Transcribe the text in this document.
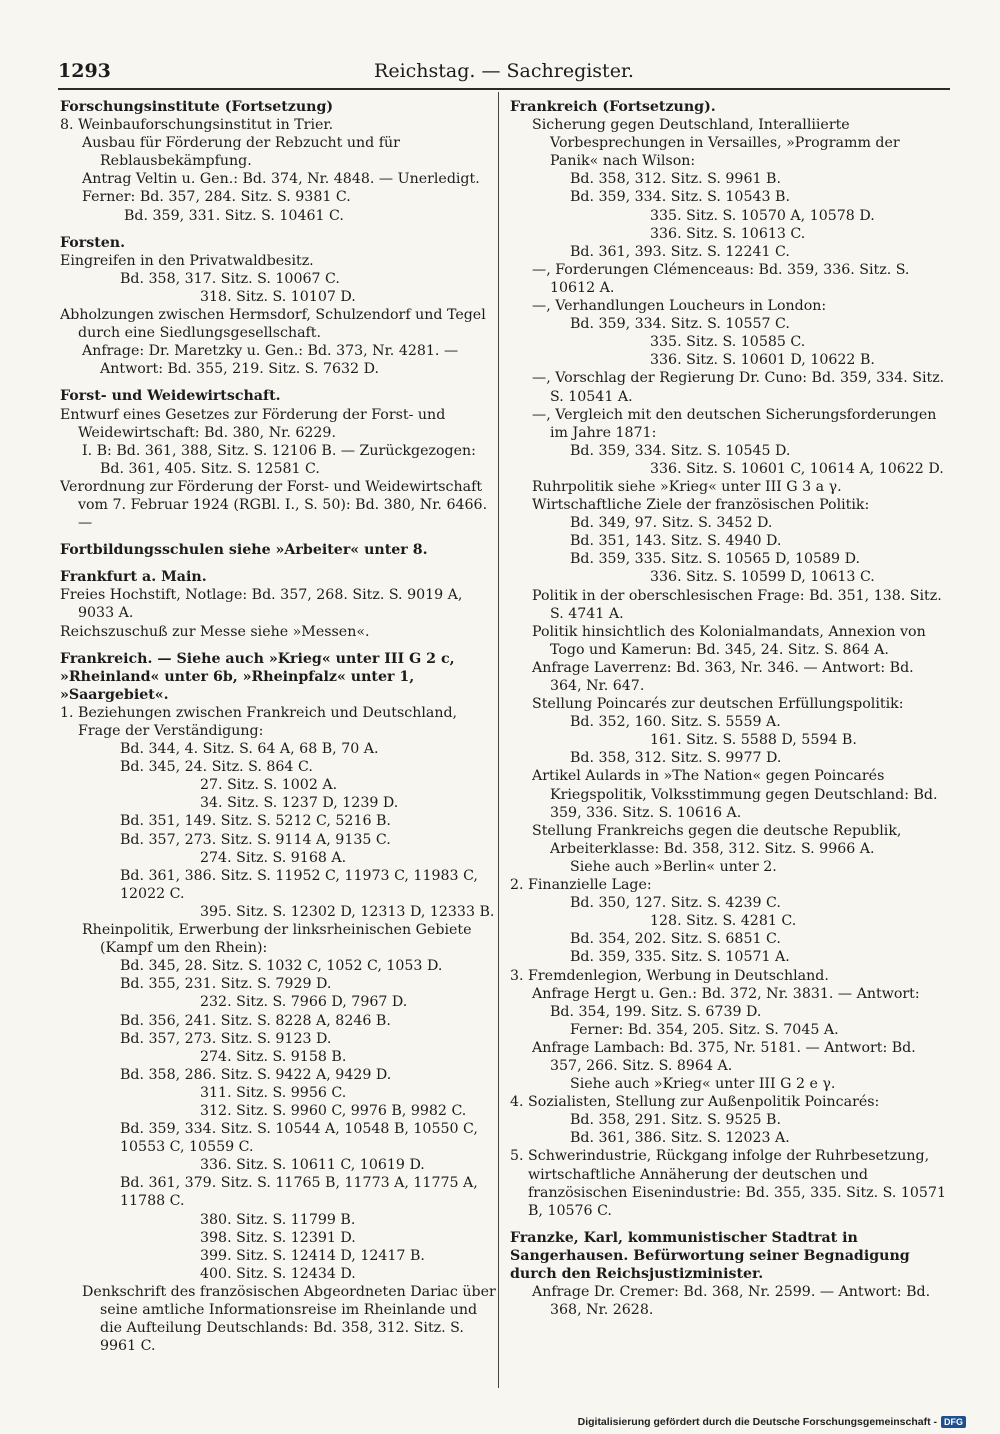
1293	Reichstag. — Sachregister.

Forschungsinstitute (Fortsetzung)

8. Weinbauforschungsinstitut in Trier.

Ausbau für Förderung der Rebzucht und für Reblausbekämpfung.

Antrag Veltin u. Gen.: Bd. 374, Nr. 4848. — Unerledigt.

Ferner: Bd. 357, 284. Sitz. S. 9381 C.

Bd. 359, 331. Sitz. S. 10461 C.

Forsten.

Eingreifen in den Privatwaldbesitz.

Bd. 358, 317. Sitz. S. 10067 C.

318. Sitz. S. 10107 D.

Abholzungen zwischen Hermsdorf, Schulzendorf und Tegel durch eine Siedlungsgesellschaft.

Anfrage: Dr. Maretzky u. Gen.: Bd. 373, Nr. 4281. — Antwort: Bd. 355, 219. Sitz. S. 7632 D.

Forst- und Weidewirtschaft.

Entwurf eines Gesetzes zur Förderung der Forst- und Weidewirtschaft: Bd. 380, Nr. 6229.

I. B: Bd. 361, 388, Sitz. S. 12106 B. — Zurückgezogen: Bd. 361, 405. Sitz. S. 12581 C.

Verordnung zur Förderung der Forst- und Weidewirtschaft vom 7. Februar 1924 (RGBl. I., S. 50): Bd. 380, Nr. 6466. —

Fortbildungsschulen siehe »Arbeiter« unter 8.

Frankfurt a. Main.

Freies Hochstift, Notlage: Bd. 357, 268. Sitz. S. 9019 A, 9033 A.

Reichszuschuß zur Messe siehe »Messen«.

Frankreich. — Siehe auch »Krieg« unter III G 2 c, »Rheinland« unter 6b, »Rheinpfalz« unter 1, »Saargebiet«.

1. Beziehungen zwischen Frankreich und Deutschland, Frage der Verständigung:

Bd. 344, 4. Sitz. S. 64 A, 68 B, 70 A.

Bd. 345, 24. Sitz. S. 864 C.

27. Sitz. S. 1002 A.

34. Sitz. S. 1237 D, 1239 D.

Bd. 351, 149. Sitz. S. 5212 C, 5216 B.

Bd. 357, 273. Sitz. S. 9114 A, 9135 C.

274. Sitz. S. 9168 A.

Bd. 361, 386. Sitz. S. 11952 C, 11973 C, 11983 C, 12022 C.

395. Sitz. S. 12302 D, 12313 D, 12333 B.

Rheinpolitik, Erwerbung der linksrheinischen Gebiete (Kampf um den Rhein):

Bd. 345, 28. Sitz. S. 1032 C, 1052 C, 1053 D.

Bd. 355, 231. Sitz. S. 7929 D.

232. Sitz. S. 7966 D, 7967 D.

Bd. 356, 241. Sitz. S. 8228 A, 8246 B.

Bd. 357, 273. Sitz. S. 9123 D.

274. Sitz. S. 9158 B.

Bd. 358, 286. Sitz. S. 9422 A, 9429 D.

311. Sitz. S. 9956 C.

312. Sitz. S. 9960 C, 9976 B, 9982 C.

Bd. 359, 334. Sitz. S. 10544 A, 10548 B, 10550 C, 10553 C, 10559 C.

336. Sitz. S. 10611 C, 10619 D.

Bd. 361, 379. Sitz. S. 11765 B, 11773 A, 11775 A, 11788 C.

380. Sitz. S. 11799 B.

398. Sitz. S. 12391 D.

399. Sitz. S. 12414 D, 12417 B.

400. Sitz. S. 12434 D.

Denkschrift des französischen Abgeordneten Dariac über seine amtliche Informationsreise im Rheinlande und die Aufteilung Deutschlands: Bd. 358, 312. Sitz. S. 9961 C.

Frankreich (Fortsetzung).

Sicherung gegen Deutschland, Interalliierte Vorbesprechungen in Versailles, »Programm der Panik« nach Wilson:

Bd. 358, 312. Sitz. S. 9961 B.

Bd. 359, 334. Sitz. S. 10543 B.

335. Sitz. S. 10570 A, 10578 D.

336. Sitz. S. 10613 C.

Bd. 361, 393. Sitz. S. 12241 C.

—, Forderungen Clémenceaus: Bd. 359, 336. Sitz. S. 10612 A.

—, Verhandlungen Loucheurs in London:

Bd. 359, 334. Sitz. S. 10557 C.

335. Sitz. S. 10585 C.

336. Sitz. S. 10601 D, 10622 B.

—, Vorschlag der Regierung Dr. Cuno: Bd. 359, 334. Sitz. S. 10541 A.

—, Vergleich mit den deutschen Sicherungsforderungen im Jahre 1871:

Bd. 359, 334. Sitz. S. 10545 D.

336. Sitz. S. 10601 C, 10614 A, 10622 D.

Ruhrpolitik siehe »Krieg« unter III G 3 a γ.

Wirtschaftliche Ziele der französischen Politik:

Bd. 349, 97. Sitz. S. 3452 D.

Bd. 351, 143. Sitz. S. 4940 D.

Bd. 359, 335. Sitz. S. 10565 D, 10589 D.

336. Sitz. S. 10599 D, 10613 C.

Politik in der oberschlesischen Frage: Bd. 351, 138. Sitz. S. 4741 A.

Politik hinsichtlich des Kolonialmandats, Annexion von Togo und Kamerun: Bd. 345, 24. Sitz. S. 864 A.

Anfrage Laverrenz: Bd. 363, Nr. 346. — Antwort: Bd. 364, Nr. 647.

Stellung Poincarés zur deutschen Erfüllungspolitik:

Bd. 352, 160. Sitz. S. 5559 A.

161. Sitz. S. 5588 D, 5594 B.

Bd. 358, 312. Sitz. S. 9977 D.

Artikel Aulards in »The Nation« gegen Poincarés Kriegspolitik, Volksstimmung gegen Deutschland: Bd. 359, 336. Sitz. S. 10616 A.

Stellung Frankreichs gegen die deutsche Republik, Arbeiterklasse: Bd. 358, 312. Sitz. S. 9966 A.

Siehe auch »Berlin« unter 2.

2. Finanzielle Lage:

Bd. 350, 127. Sitz. S. 4239 C.

128. Sitz. S. 4281 C.

Bd. 354, 202. Sitz. S. 6851 C.

Bd. 359, 335. Sitz. S. 10571 A.

3. Fremdenlegion, Werbung in Deutschland.

Anfrage Hergt u. Gen.: Bd. 372, Nr. 3831. — Antwort: Bd. 354, 199. Sitz. S. 6739 D.

Ferner: Bd. 354, 205. Sitz. S. 7045 A.

Anfrage Lambach: Bd. 375, Nr. 5181. — Antwort: Bd. 357, 266. Sitz. S. 8964 A.

Siehe auch »Krieg« unter III G 2 e γ.

4. Sozialisten, Stellung zur Außenpolitik Poincarés:

Bd. 358, 291. Sitz. S. 9525 B.

Bd. 361, 386. Sitz. S. 12023 A.

5. Schwerindustrie, Rückgang infolge der Ruhrbesetzung, wirtschaftliche Annäherung der deutschen und französischen Eisenindustrie: Bd. 355, 335. Sitz. S. 10571 B, 10576 C.

Franzke, Karl, kommunistischer Stadtrat in Sangerhausen. Befürwortung seiner Begnadigung durch den Reichsjustizminister.

Anfrage Dr. Cremer: Bd. 368, Nr. 2599. — Antwort: Bd. 368, Nr. 2628.

Digitalisierung gefördert durch die Deutsche Forschungsgemeinschaft - DFG
